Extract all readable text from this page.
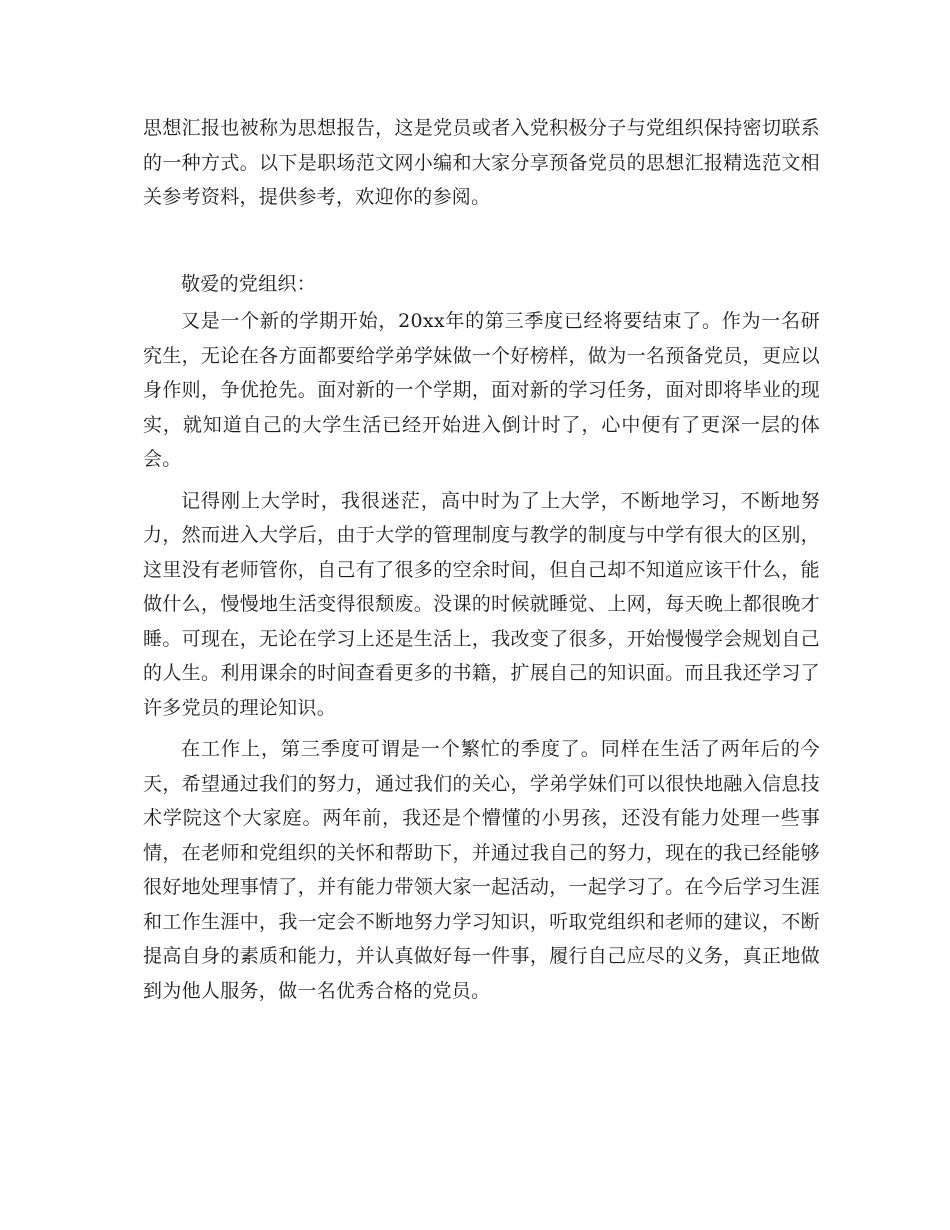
思想汇报也被称为思想报告，这是党员或者入党积极分子与党组织保持密切联系的一种方式。以下是职场范文网小编和大家分享预备党员的思想汇报精选范文相关参考资料，提供参考，欢迎你的参阅。

敬爱的党组织：

又是一个新的学期开始，20xx年的第三季度已经将要结束了。作为一名研究生，无论在各方面都要给学弟学妹做一个好榜样，做为一名预备党员，更应以身作则，争优抢先。面对新的一个学期，面对新的学习任务，面对即将毕业的现实，就知道自己的大学生活已经开始进入倒计时了，心中便有了更深一层的体会。

记得刚上大学时，我很迷茫，高中时为了上大学，不断地学习，不断地努力，然而进入大学后，由于大学的管理制度与教学的制度与中学有很大的区别，这里没有老师管你，自己有了很多的空余时间，但自己却不知道应该干什么，能做什么，慢慢地生活变得很颓废。没课的时候就睡觉、上网，每天晚上都很晚才睡。可现在，无论在学习上还是生活上，我改变了很多，开始慢慢学会规划自己的人生。利用课余的时间查看更多的书籍，扩展自己的知识面。而且我还学习了许多党员的理论知识。

在工作上，第三季度可谓是一个繁忙的季度了。同样在生活了两年后的今天，希望通过我们的努力，通过我们的关心，学弟学妹们可以很快地融入信息技术学院这个大家庭。两年前，我还是个懵懂的小男孩，还没有能力处理一些事情，在老师和党组织的关怀和帮助下，并通过我自己的努力，现在的我已经能够很好地处理事情了，并有能力带领大家一起活动，一起学习了。在今后学习生涯和工作生涯中，我一定会不断地努力学习知识，听取党组织和老师的建议，不断提高自身的素质和能力，并认真做好每一件事，履行自己应尽的义务，真正地做到为他人服务，做一名优秀合格的党员。
